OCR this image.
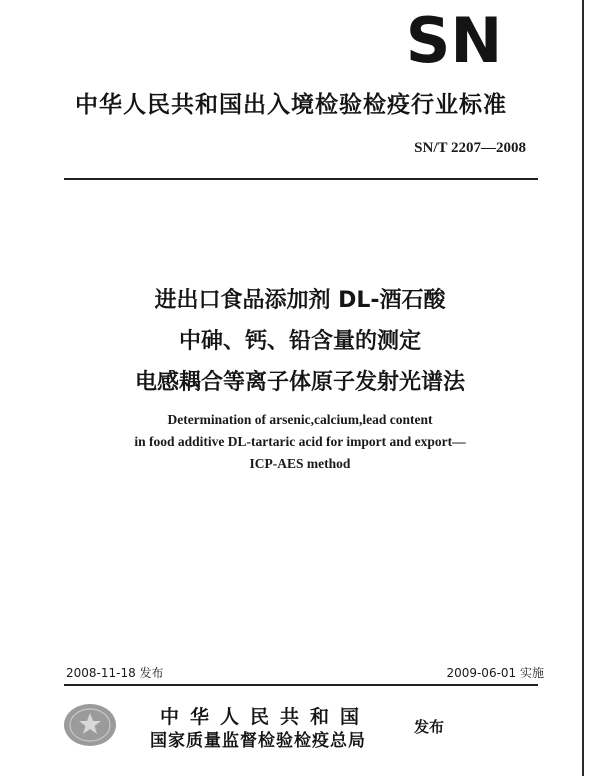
SN
中华人民共和国出入境检验检疫行业标准
SN/T 2207—2008
进出口食品添加剂 DL-酒石酸
中砷、钙、铅含量的测定
电感耦合等离子体原子发射光谱法
Determination of arsenic,calcium,lead content
in food additive DL-tartaric acid for import and export—
ICP-AES method
2008-11-18 发布	2009-06-01 实施
中华人民共和国
国家质量监督检验检疫总局
发布
